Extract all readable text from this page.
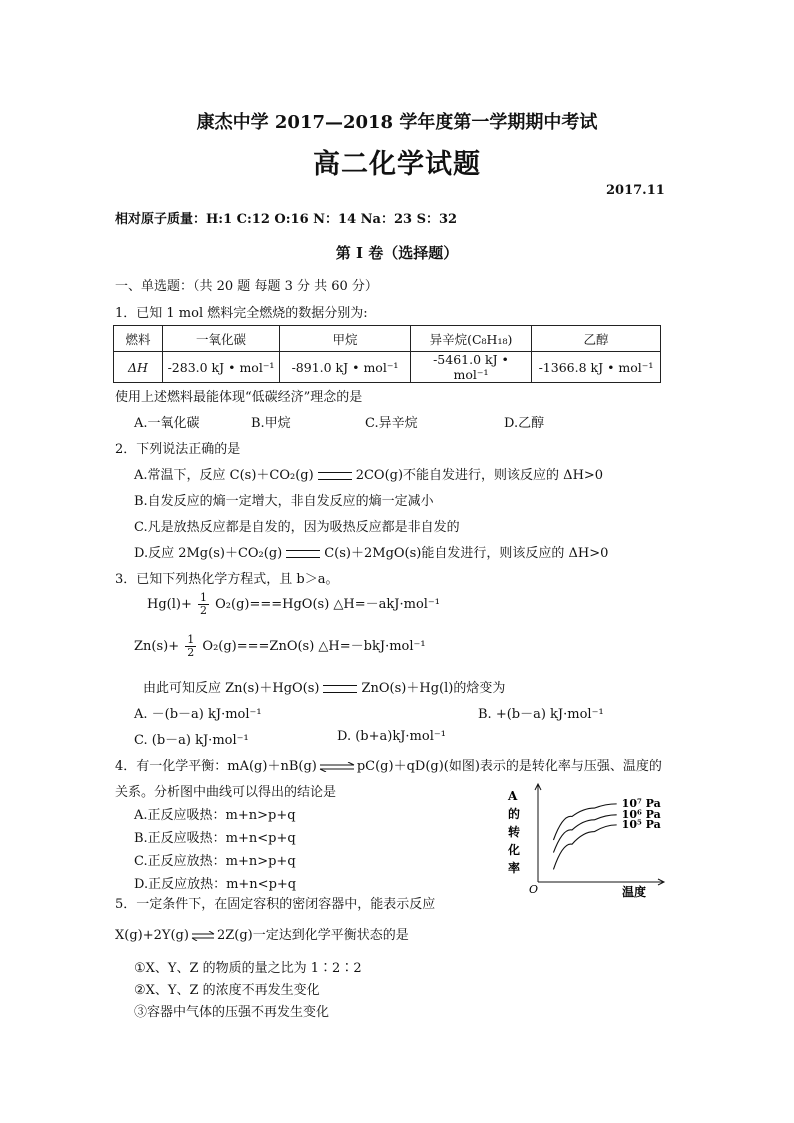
康杰中学 2017—2018 学年度第一学期期中考试
高二化学试题
2017.11
相对原子质量：H:1 C:12 O:16 N：14 Na：23 S：32
第 I 卷（选择题）
一、单选题：（共 20 题 每题 3 分 共 60 分）
1．已知 1 mol 燃料完全燃烧的数据分别为:
燃料	一氧化碳	甲烷	异辛烷(C₈H₁₈)	乙醇
ΔH	-283.0 kJ • mol⁻¹	-891.0 kJ • mol⁻¹	-5461.0 kJ • mol⁻¹	-1366.8 kJ • mol⁻¹
使用上述燃料最能体现“低碳经济”理念的是
A.一氧化碳	B.甲烷	C.异辛烷	D.乙醇
2．下列说法正确的是
A.常温下，反应 C(s)＋CO₂(g)	2CO(g)不能自发进行，则该反应的 ΔH>0
B.自发反应的熵一定增大，非自发反应的熵一定减小
C.凡是放热反应都是自发的，因为吸热反应都是非自发的
D.反应 2Mg(s)＋CO₂(g)	C(s)＋2MgO(s)能自发进行，则该反应的 ΔH>0
3．已知下列热化学方程式，且 b＞a。
$Hg(l)+ \frac{1}{2} O_2(g)===HgO(s)$ △H=－akJ·mol⁻¹
$Zn(s)+ \frac{1}{2} O_2(g)===ZnO(s)$ △H=－bkJ·mol⁻¹
由此可知反应 Zn(s)＋HgO(s)	ZnO(s)＋Hg(l)的焓变为
A. －(b－a) kJ·mol⁻¹	B. +(b－a) kJ·mol⁻¹
C. (b－a) kJ·mol⁻¹	D. (b+a)kJ·mol⁻¹
4．有一化学平衡：mA(g)＋nB(g) ⇌ pC(g)＋qD(g)(如图)表示的是转化率与压强、温度的
关系。分析图中曲线可以得出的结论是
A.正反应吸热：m+n>p+q
B.正反应吸热：m+n<p+q
C.正反应放热：m+n>p+q
D.正反应放热：m+n<p+q	O
A
的
转
化
率
温度
10⁷ Pa
10⁶ Pa
10⁵ Pa
5．一定条件下，在固定容积的密闭容器中，能表示反应
X(g)+2Y(g) ⇌ 2Z(g)一定达到化学平衡状态的是
①X、Y、Z 的物质的量之比为 1∶2∶2
②X、Y、Z 的浓度不再发生变化
③容器中气体的压强不再发生变化
